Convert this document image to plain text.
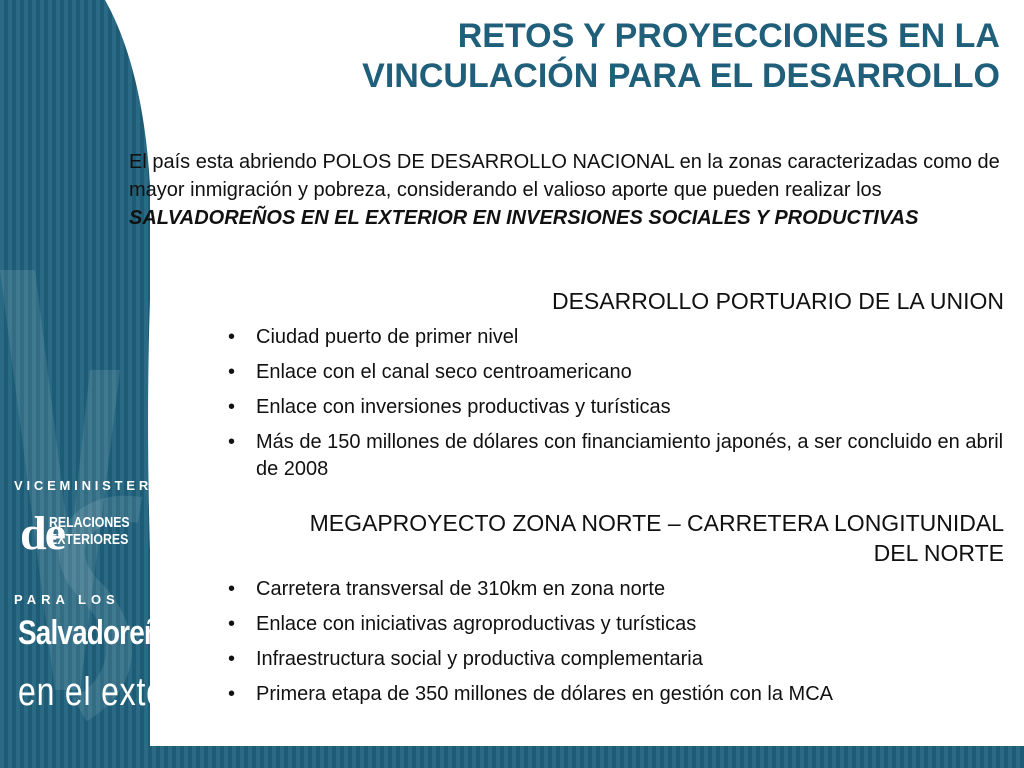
VICEMINISTERIO
de
RELACIONES
EXTERIORES
PARA LOS
Salvadoreños
en el exterior
RETOS Y PROYECCIONES EN LA
VINCULACIÓN PARA EL DESARROLLO
El país esta abriendo POLOS DE DESARROLLO NACIONAL en la zonas caracterizadas como de mayor inmigración y pobreza, considerando el valioso aporte que pueden realizar los SALVADOREÑOS EN EL EXTERIOR EN INVERSIONES SOCIALES Y PRODUCTIVAS
DESARROLLO PORTUARIO DE LA UNION
• Ciudad puerto de primer nivel
• Enlace con el canal seco centroamericano
• Enlace con inversiones productivas y turísticas
• Más de 150 millones de dólares con financiamiento japonés, a ser concluido en abril de 2008
MEGAPROYECTO ZONA NORTE – CARRETERA LONGITUNIDAL
DEL NORTE
• Carretera transversal de 310km en zona norte
• Enlace con iniciativas agroproductivas y turísticas
• Infraestructura social y productiva complementaria
• Primera etapa de 350 millones de dólares en gestión con la MCA
